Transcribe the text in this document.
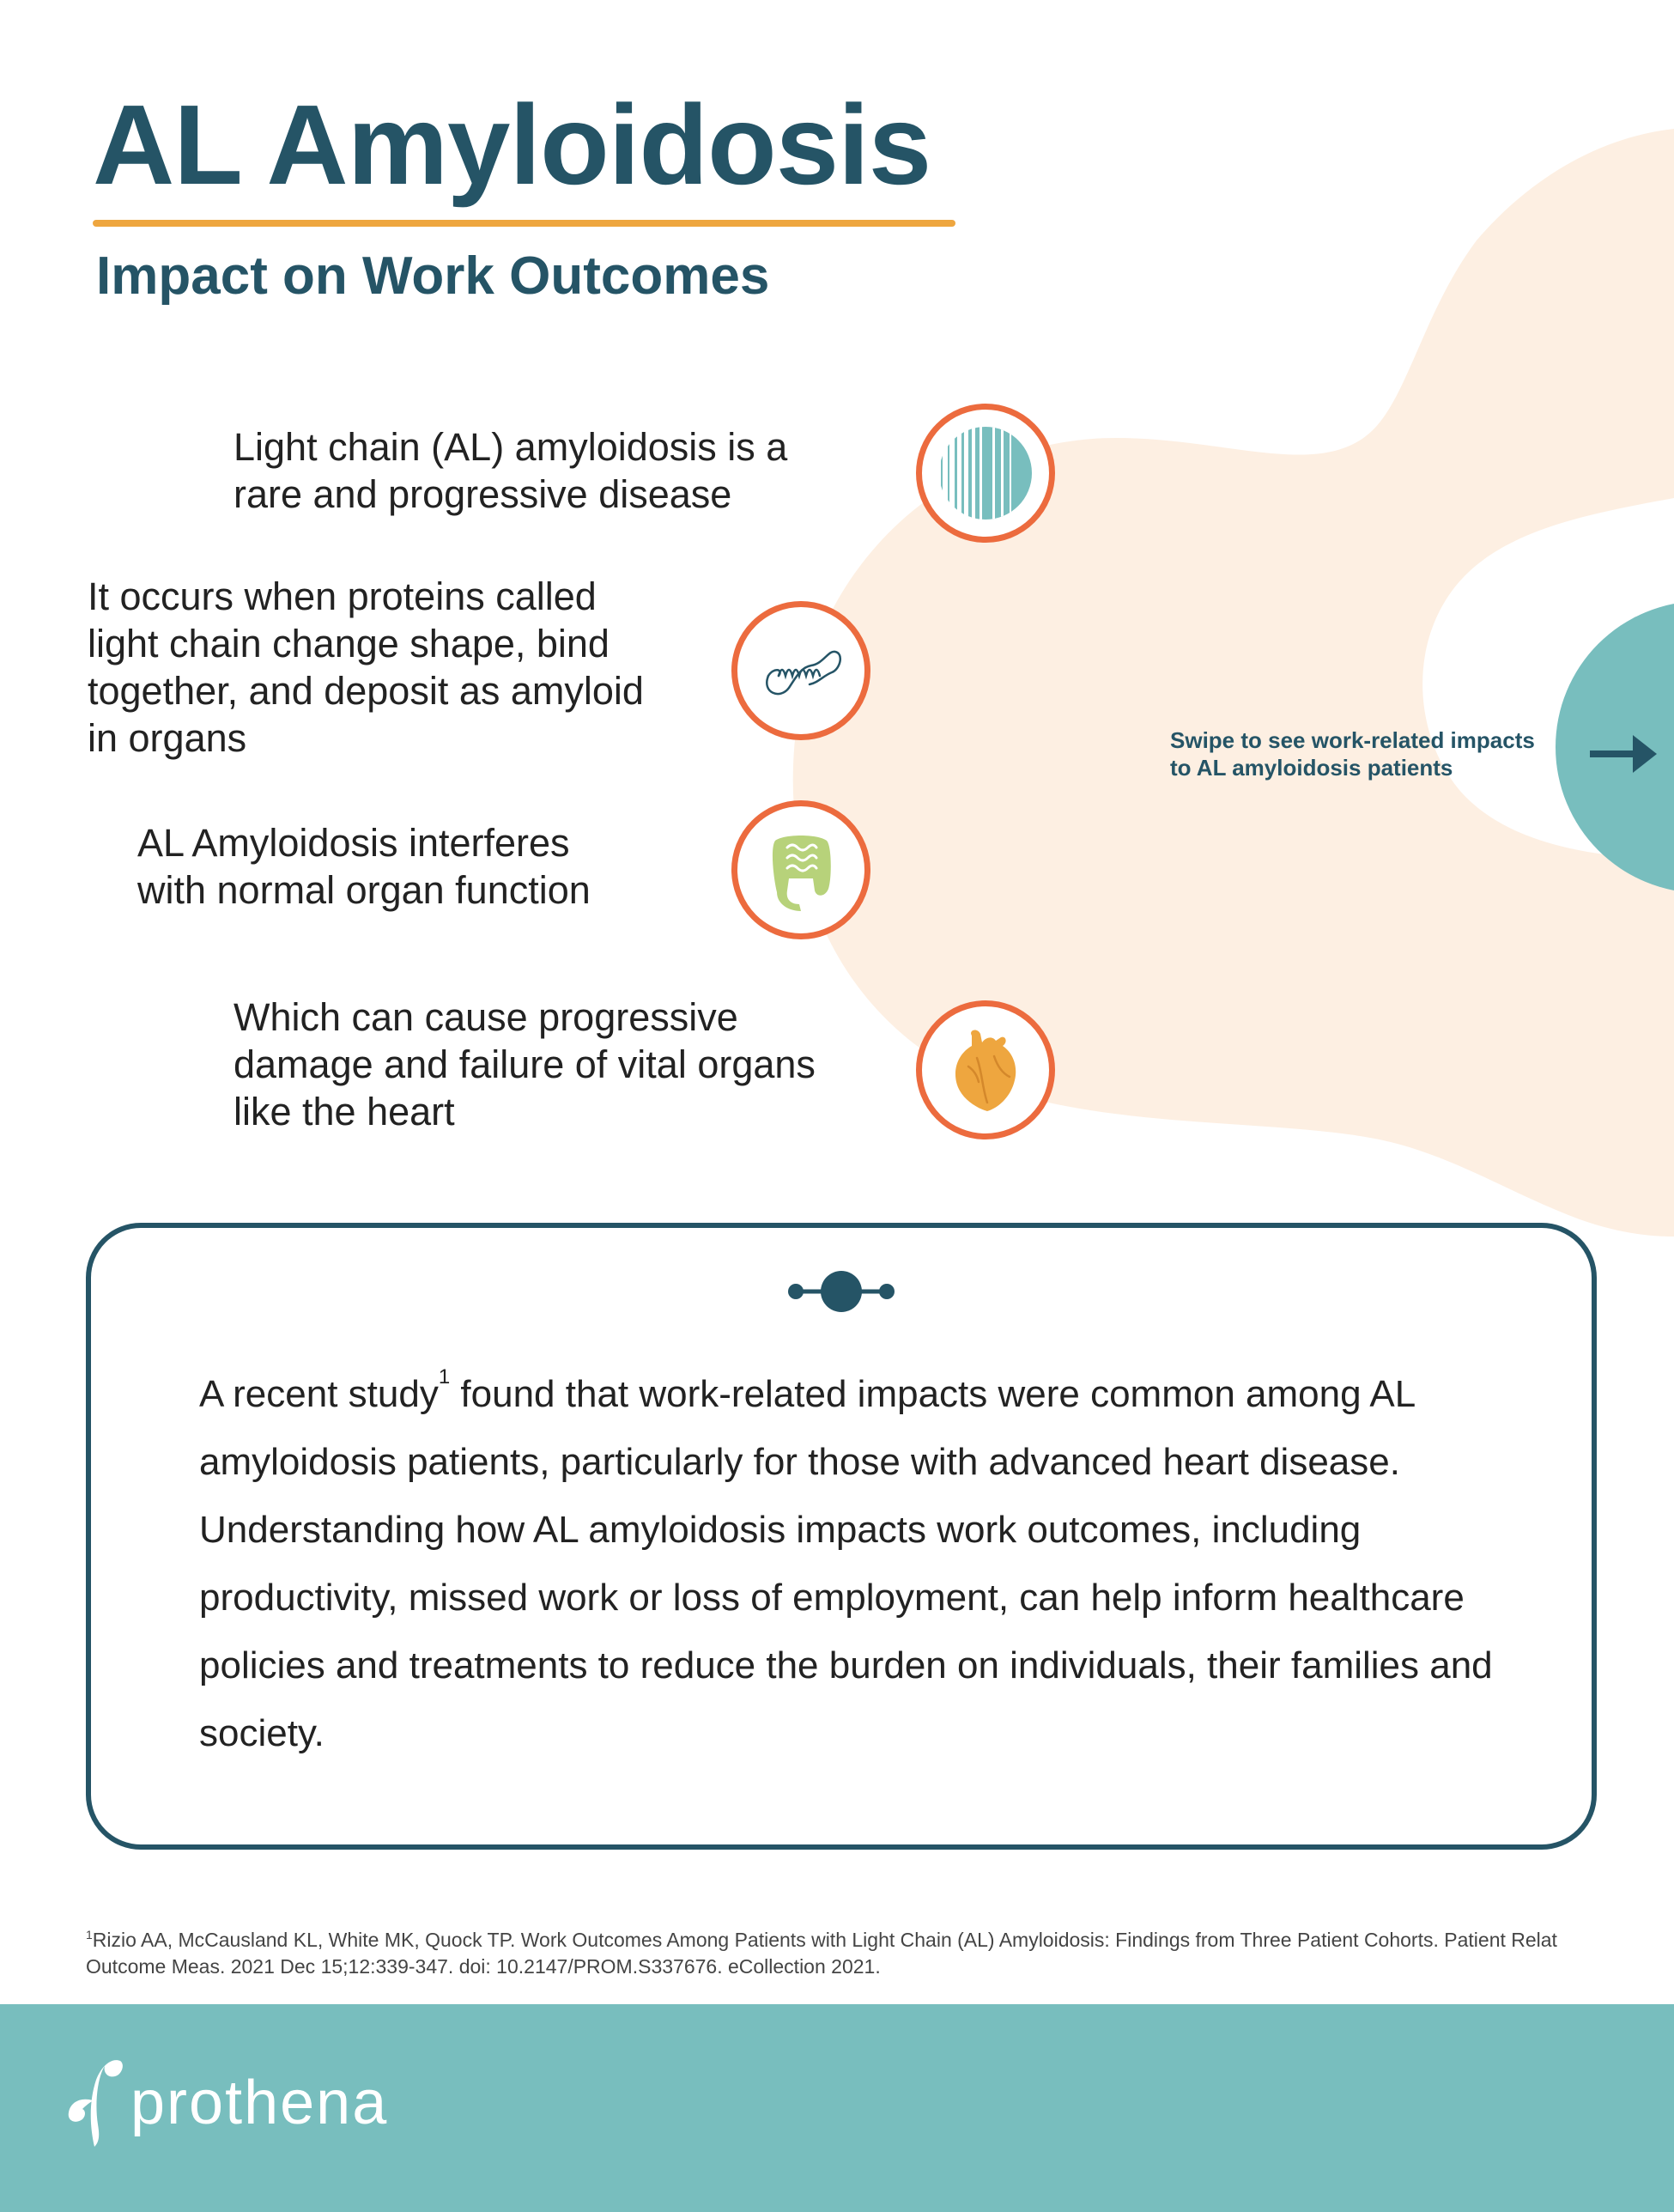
AL Amyloidosis
Impact on Work Outcomes

Light chain (AL) amyloidosis is a
rare and progressive disease

It occurs when proteins called
light chain change shape, bind
together, and deposit as amyloid
in organs

AL Amyloidosis interferes
with normal organ function

Which can cause progressive
damage and failure of vital organs
like the heart

Swipe to see work-related impacts
to AL amyloidosis patients

A recent study$^1$ found that work-related impacts were common among AL amyloidosis patients, particularly for those with advanced heart disease. Understanding how AL amyloidosis impacts work outcomes, including productivity, missed work or loss of employment, can help inform healthcare policies and treatments to reduce the burden on individuals, their families and society.

$^1$Rizio AA, McCausland KL, White MK, Quock TP. Work Outcomes Among Patients with Light Chain (AL) Amyloidosis: Findings from Three Patient Cohorts. Patient Relat Outcome Meas. 2021 Dec 15;12:339-347. doi: 10.2147/PROM.S337676. eCollection 2021.

prothena
